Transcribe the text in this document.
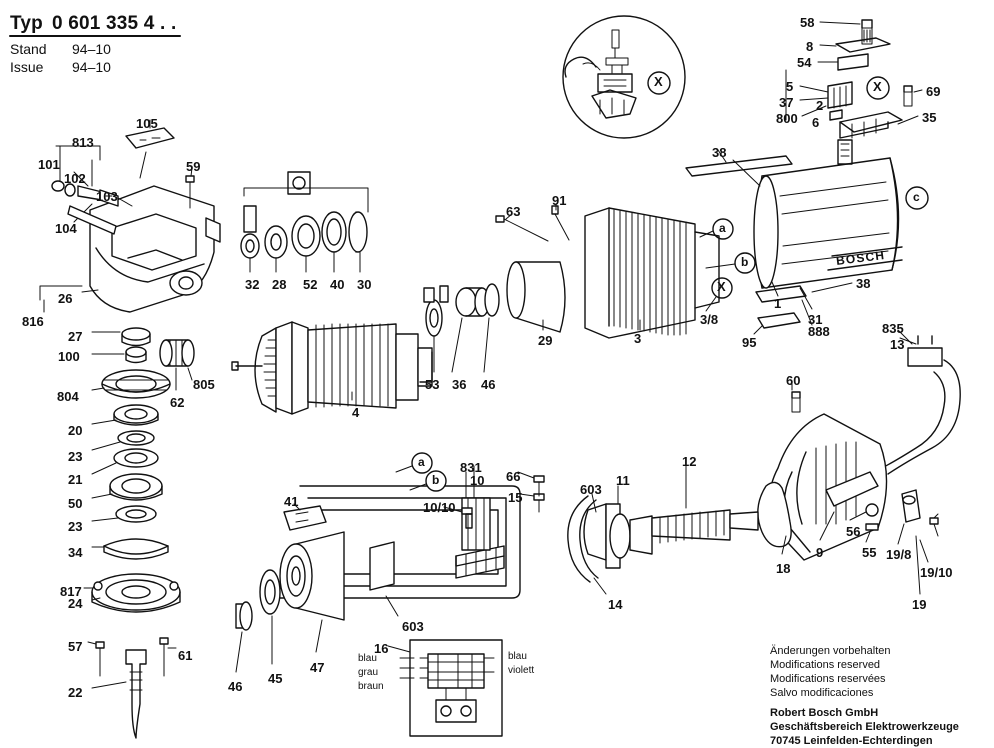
Typ 0 601 335 4 . .
Stand 94–10
Issue 94–10
BOSCH
58
8
54
5	69
37 2
800 6	35
105
813
38
101	59
102
103
104
91
63
30
40
52
28
32
26
816
38
1
31
3/8
888
95
3
29
46
36
53
27
100
805
804	62
4
835
13
60
20
23
21
50
23
34
817
24
57
61
22
831
10 66
15
10/10
603
11
12
41
14
603
18
9
56
55 19/8
19/10
19
16
46
45
47
a
b
X	X
X
c
a
b
blau
grau
braun
blau
violett
Änderungen vorbehalten
Modifications reserved
Modifications reservées
Salvo modificaciones
Robert Bosch GmbH
Geschäftsbereich Elektrowerkzeuge
70745 Leinfelden-Echterdingen
